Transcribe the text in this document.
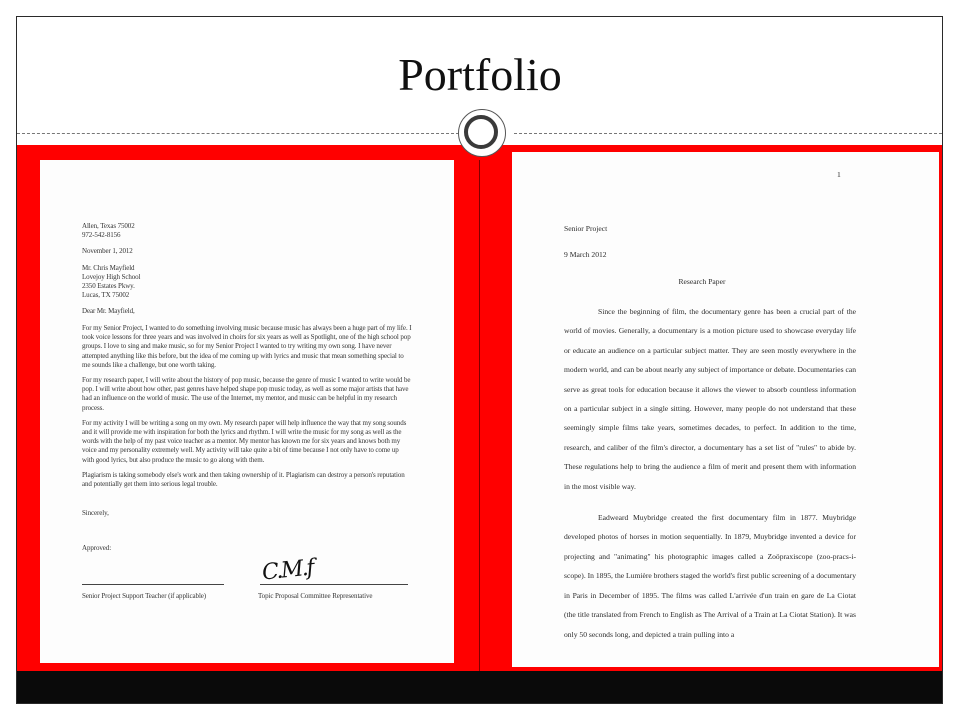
Portfolio
Allen, Texas 75002
972-542-8156
November 1, 2012
Mr. Chris Mayfield
Lovejoy High School
2350 Estates Pkwy.
Lucas, TX 75002
Dear Mr. Mayfield,

For my Senior Project, I wanted to do something involving music because music has always been a huge part of my life. I took voice lessons for three years and was involved in choirs for six years as well as Spotlight, one of the high school pop groups. I love to sing and make music, so for my Senior Project I wanted to try writing my own song. I have never attempted anything like this before, but the idea of me coming up with lyrics and music that mean something special to me sounds like a challenge, but one worth taking.

For my research paper, I will write about the history of pop music, because the genre of music I wanted to write would be pop. I will write about how other, past genres have helped shape pop music today, as well as some major artists that have had an influence on the world of music. The use of the Internet, my mentor, and music can be helpful in my research process.

For my activity I will be writing a song on my own. My research paper will help influence the way that my song sounds and it will provide me with inspiration for both the lyrics and rhythm. I will write the music for my song as well as the words with the help of my past voice teacher as a mentor. My mentor has known me for six years and knows both my voice and my personality extremely well. My activity will take quite a bit of time because I not only have to come up with good lyrics, but also produce the music to go along with them.

Plagiarism is taking somebody else's work and then taking ownership of it. Plagiarism can destroy a person's reputation and potentially get them into serious legal trouble.

Sincerely,
Approved:
C.M.f
Senior Project Support Teacher (if applicable)	Topic Proposal Committee Representative
1
Senior Project
9 March 2012
Research Paper

Since the beginning of film, the documentary genre has been a crucial part of the world of movies. Generally, a documentary is a motion picture used to showcase everyday life or educate an audience on a particular subject matter. They are seen mostly everywhere in the modern world, and can be about nearly any subject of importance or debate. Documentaries can serve as great tools for education because it allows the viewer to absorb countless information on a particular subject in a single sitting. However, many people do not understand that these seemingly simple films take years, sometimes decades, to perfect. In addition to the time, research, and caliber of the film's director, a documentary has a set list of "rules" to abide by. These regulations help to bring the audience a film of merit and present them with information in the most visible way.

Eadweard Muybridge created the first documentary film in 1877. Muybridge developed photos of horses in motion sequentially. In 1879, Muybridge invented a device for projecting and "animating" his photographic images called a Zoöpraxiscope (zoo-pracs-i-scope). In 1895, the Lumière brothers staged the world's first public screening of a documentary in Paris in December of 1895. The films was called L'arrivée d'un train en gare de La Ciotat (the title translated from French to English as The Arrival of a Train at La Ciotat Station). It was only 50 seconds long, and depicted a train pulling into a
